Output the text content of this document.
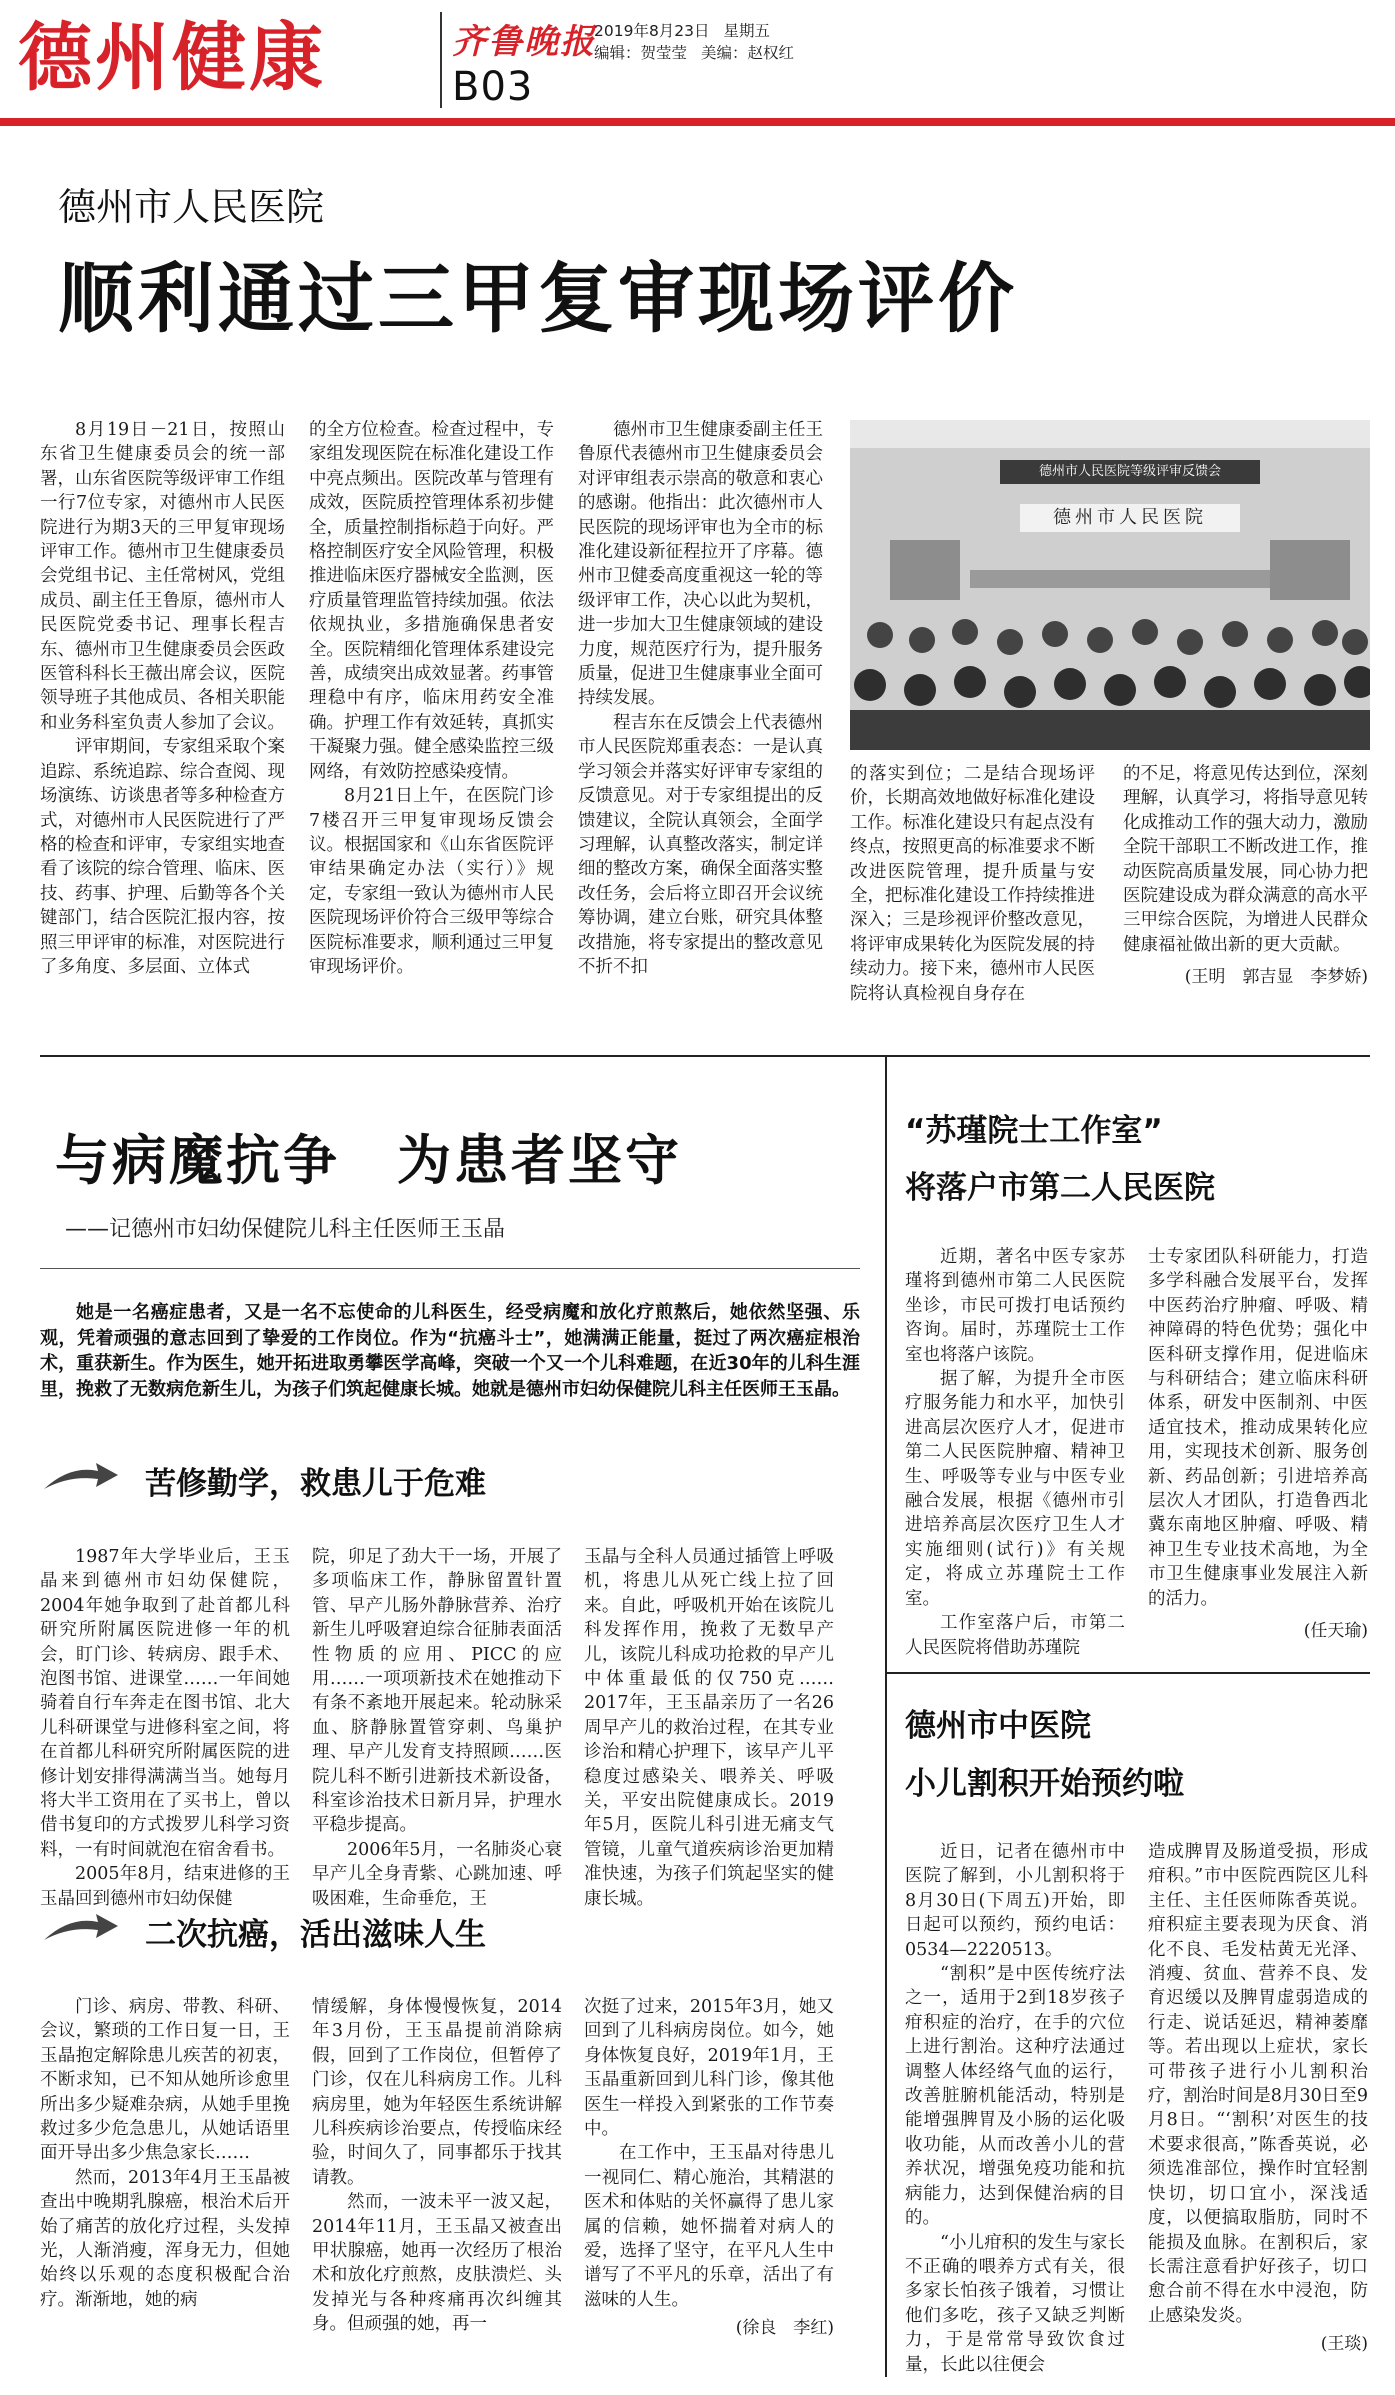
德州健康	齐鲁晚报
B03
2019年8月23日 星期五
编辑：贺莹莹 美编：赵权红
德州市人民医院
顺利通过三甲复审现场评价

8月19日－21日，按照山东省卫生健康委员会的统一部署，山东省医院等级评审工作组一行7位专家，对德州市人民医院进行为期3天的三甲复审现场评审工作。德州市卫生健康委员会党组书记、主任常树风，党组成员、副主任王鲁原，德州市人民医院党委书记、理事长程吉东、德州市卫生健康委员会医政医管科科长王薇出席会议，医院领导班子其他成员、各相关职能和业务科室负责人参加了会议。

评审期间，专家组采取个案追踪、系统追踪、综合查阅、现场演练、访谈患者等多种检查方式，对德州市人民医院进行了严格的检查和评审，专家组实地查看了该院的综合管理、临床、医技、药事、护理、后勤等各个关键部门，结合医院汇报内容，按照三甲评审的标准，对医院进行了多角度、多层面、立体式

的全方位检查。检查过程中，专家组发现医院在标准化建设工作中亮点频出。医院改革与管理有成效，医院质控管理体系初步健全，质量控制指标趋于向好。严格控制医疗安全风险管理，积极推进临床医疗器械安全监测，医疗质量管理监管持续加强。依法依规执业，多措施确保患者安全。医院精细化管理体系建设完善，成绩突出成效显著。药事管理稳中有序，临床用药安全准确。护理工作有效延转，真抓实干凝聚力强。健全感染监控三级网络，有效防控感染疫情。

8月21日上午，在医院门诊7楼召开三甲复审现场反馈会议。根据国家和《山东省医院评审结果确定办法（实行）》规定，专家组一致认为德州市人民医院现场评价符合三级甲等综合医院标准要求，顺利通过三甲复审现场评价。

德州市卫生健康委副主任王鲁原代表德州市卫生健康委员会对评审组表示崇高的敬意和衷心的感谢。他指出：此次德州市人民医院的现场评审也为全市的标准化建设新征程拉开了序幕。德州市卫健委高度重视这一轮的等级评审工作，决心以此为契机，进一步加大卫生健康领域的建设力度，规范医疗行为，提升服务质量，促进卫生健康事业全面可持续发展。

程吉东在反馈会上代表德州市人民医院郑重表态：一是认真学习领会并落实好评审专家组的反馈意见。对于专家组提出的反馈建议，全院认真领会，全面学习理解，认真整改落实，制定详细的整改方案，确保全面落实整改任务，会后将立即召开会议统筹协调，建立台账，研究具体整改措施，将专家提出的整改意见不折不扣

德州市人民医院等级评审反馈会
德州市人民医院

的落实到位；二是结合现场评价，长期高效地做好标准化建设工作。标准化建设只有起点没有终点，按照更高的标准要求不断改进医院管理，提升质量与安全，把标准化建设工作持续推进深入；三是珍视评价整改意见，将评审成果转化为医院发展的持续动力。接下来，德州市人民医院将认真检视自身存在

的不足，将意见传达到位，深刻理解，认真学习，将指导意见转化成推动工作的强大动力，激励全院干部职工不断改进工作，推动医院高质量发展，同心协力把医院建设成为群众满意的高水平三甲综合医院，为增进人民群众健康福祉做出新的更大贡献。

(王明　郭吉显　李梦娇)
与病魔抗争　为患者坚守
——记德州市妇幼保健院儿科主任医师王玉晶

她是一名癌症患者，又是一名不忘使命的儿科医生，经受病魔和放化疗煎熬后，她依然坚强、乐观，凭着顽强的意志回到了挚爱的工作岗位。作为“抗癌斗士”，她满满正能量，挺过了两次癌症根治术，重获新生。作为医生，她开拓进取勇攀医学高峰，突破一个又一个儿科难题，在近30年的儿科生涯里，挽救了无数病危新生儿，为孩子们筑起健康长城。她就是德州市妇幼保健院儿科主任医师王玉晶。

苦修勤学，救患儿于危难

1987年大学毕业后，王玉晶来到德州市妇幼保健院，2004年她争取到了赴首都儿科研究所附属医院进修一年的机会，盯门诊、转病房、跟手术、泡图书馆、进课堂……一年间她骑着自行车奔走在图书馆、北大儿科研课堂与进修科室之间，将在首都儿科研究所附属医院的进修计划安排得满满当当。她每月将大半工资用在了买书上，曾以借书复印的方式拨罗儿科学习资料，一有时间就泡在宿舍看书。

2005年8月，结束进修的王玉晶回到德州市妇幼保健

院，卯足了劲大干一场，开展了多项临床工作，静脉留置针置管、早产儿肠外静脉营养、治疗新生儿呼吸窘迫综合征肺表面活性物质的应用、PICC的应用……一项项新技术在她推动下有条不紊地开展起来。轮动脉采血、脐静脉置管穿刺、鸟巢护理、早产儿发育支持照顾……医院儿科不断引进新技术新设备，科室诊治技术日新月异，护理水平稳步提高。

2006年5月，一名肺炎心衰早产儿全身青紫、心跳加速、呼吸困难，生命垂危，王

玉晶与全科人员通过插管上呼吸机，将患儿从死亡线上拉了回来。自此，呼吸机开始在该院儿科发挥作用，挽救了无数早产儿，该院儿科成功抢救的早产儿中体重最低的仅750克……2017年，王玉晶亲历了一名26周早产儿的救治过程，在其专业诊治和精心护理下，该早产儿平稳度过感染关、喂养关、呼吸关，平安出院健康成长。2019年5月，医院儿科引进无痛支气管镜，儿童气道疾病诊治更加精准快速，为孩子们筑起坚实的健康长城。

二次抗癌，活出滋味人生

门诊、病房、带教、科研、会议，繁琐的工作日复一日，王玉晶抱定解除患儿疾苦的初衷，不断求知，已不知从她所诊愈里所出多少疑难杂病，从她手里挽救过多少危急患儿，从她话语里面开导出多少焦急家长……

然而，2013年4月王玉晶被查出中晚期乳腺癌，根治术后开始了痛苦的放化疗过程，头发掉光，人渐消瘦，浑身无力，但她始终以乐观的态度积极配合治疗。渐渐地，她的病

情缓解，身体慢慢恢复，2014年3月份，王玉晶提前消除病假，回到了工作岗位，但暂停了门诊，仅在儿科病房工作。儿科病房里，她为年轻医生系统讲解儿科疾病诊治要点，传授临床经验，时间久了，同事都乐于找其请教。

然而，一波未平一波又起，2014年11月，王玉晶又被查出甲状腺癌，她再一次经历了根治术和放化疗煎熬，皮肤溃烂、头发掉光与各种疼痛再次纠缠其身。但顽强的她，再一

次挺了过来，2015年3月，她又回到了儿科病房岗位。如今，她身体恢复良好，2019年1月，王玉晶重新回到儿科门诊，像其他医生一样投入到紧张的工作节奏中。

在工作中，王玉晶对待患儿一视同仁、精心施治，其精湛的医术和体贴的关怀赢得了患儿家属的信赖，她怀揣着对病人的爱，选择了坚守，在平凡人生中谱写了不平凡的乐章，活出了有滋味的人生。

(徐良　李红)
“苏瑾院士工作室”
将落户市第二人民医院

近期，著名中医专家苏瑾将到德州市第二人民医院坐诊，市民可拨打电话预约咨询。届时，苏瑾院士工作室也将落户该院。

据了解，为提升全市医疗服务能力和水平，加快引进高层次医疗人才，促进市第二人民医院肿瘤、精神卫生、呼吸等专业与中医专业融合发展，根据《德州市引进培养高层次医疗卫生人才实施细则(试行)》有关规定，将成立苏瑾院士工作室。

工作室落户后，市第二人民医院将借助苏瑾院

士专家团队科研能力，打造多学科融合发展平台，发挥中医药治疗肿瘤、呼吸、精神障碍的特色优势；强化中医科研支撑作用，促进临床与科研结合；建立临床科研体系，研发中医制剂、中医适宜技术，推动成果转化应用，实现技术创新、服务创新、药品创新；引进培养高层次人才团队，打造鲁西北冀东南地区肿瘤、呼吸、精神卫生专业技术高地，为全市卫生健康事业发展注入新的活力。

(任天瑜)
德州市中医院
小儿割积开始预约啦

近日，记者在德州市中医院了解到，小儿割积将于8月30日(下周五)开始，即日起可以预约，预约电话：0534—2220513。

“割积”是中医传统疗法之一，适用于2到18岁孩子疳积症的治疗，在手的穴位上进行割治。这种疗法通过调整人体经络气血的运行，改善脏腑机能活动，特别是能增强脾胃及小肠的运化吸收功能，从而改善小儿的营养状况，增强免疫功能和抗病能力，达到保健治病的目的。

“小儿疳积的发生与家长不正确的喂养方式有关，很多家长怕孩子饿着，习惯让他们多吃，孩子又缺乏判断力，于是常常导致饮食过量，长此以往便会

造成脾胃及肠道受损，形成疳积。”市中医院西院区儿科主任、主任医师陈香英说。疳积症主要表现为厌食、消化不良、毛发枯黄无光泽、消瘦、贫血、营养不良、发育迟缓以及脾胃虚弱造成的行走、说话延迟，精神萎靡等。若出现以上症状，家长可带孩子进行小儿割积治疗，割治时间是8月30日至9月8日。“‘割积’对医生的技术要求很高，”陈香英说，必须选准部位，操作时宜轻割快切，切口宜小，深浅适度，以便搞取脂肪，同时不能损及血脉。在割积后，家长需注意看护好孩子，切口愈合前不得在水中浸泡，防止感染发炎。

(王琰)
